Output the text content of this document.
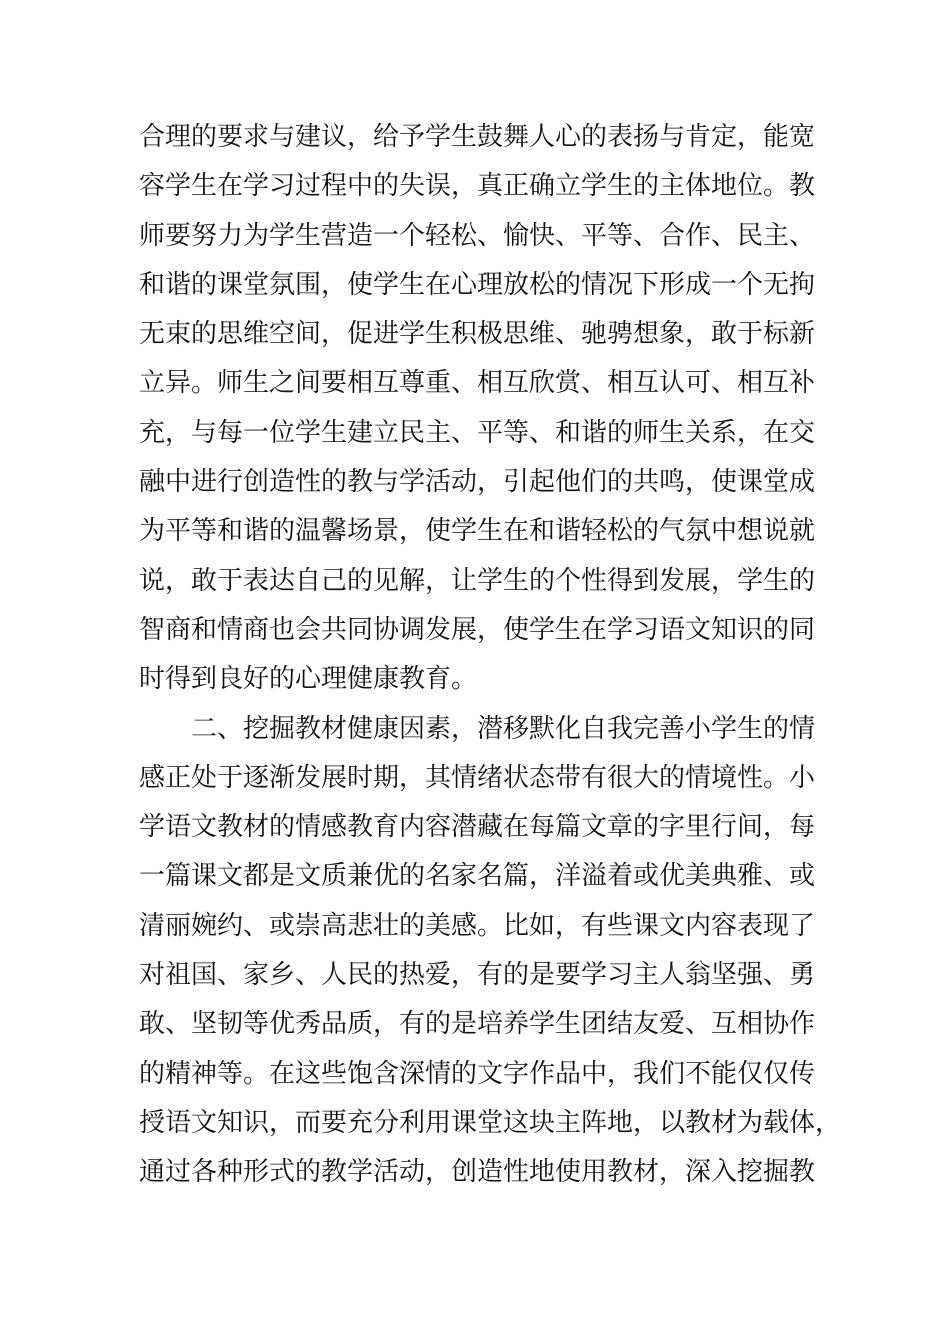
合理的要求与建议，给予学生鼓舞人心的表扬与肯定，能宽
容学生在学习过程中的失误，真正确立学生的主体地位。教
师要努力为学生营造一个轻松、愉快、平等、合作、民主、
和谐的课堂氛围，使学生在心理放松的情况下形成一个无拘
无束的思维空间，促进学生积极思维、驰骋想象，敢于标新
立异。师生之间要相互尊重、相互欣赏、相互认可、相互补
充，与每一位学生建立民主、平等、和谐的师生关系，在交
融中进行创造性的教与学活动，引起他们的共鸣，使课堂成
为平等和谐的温馨场景，使学生在和谐轻松的气氛中想说就
说，敢于表达自己的见解，让学生的个性得到发展，学生的
智商和情商也会共同协调发展，使学生在学习语文知识的同
时得到良好的心理健康教育。
二、挖掘教材健康因素，潜移默化自我完善小学生的情
感正处于逐渐发展时期，其情绪状态带有很大的情境性。小
学语文教材的情感教育内容潜藏在每篇文章的字里行间，每
一篇课文都是文质兼优的名家名篇，洋溢着或优美典雅、或
清丽婉约、或崇高悲壮的美感。比如，有些课文内容表现了
对祖国、家乡、人民的热爱，有的是要学习主人翁坚强、勇
敢、坚韧等优秀品质，有的是培养学生团结友爱、互相协作
的精神等。在这些饱含深情的文字作品中，我们不能仅仅传
授语文知识，而要充分利用课堂这块主阵地，以教材为载体，
通过各种形式的教学活动，创造性地使用教材，深入挖掘教
